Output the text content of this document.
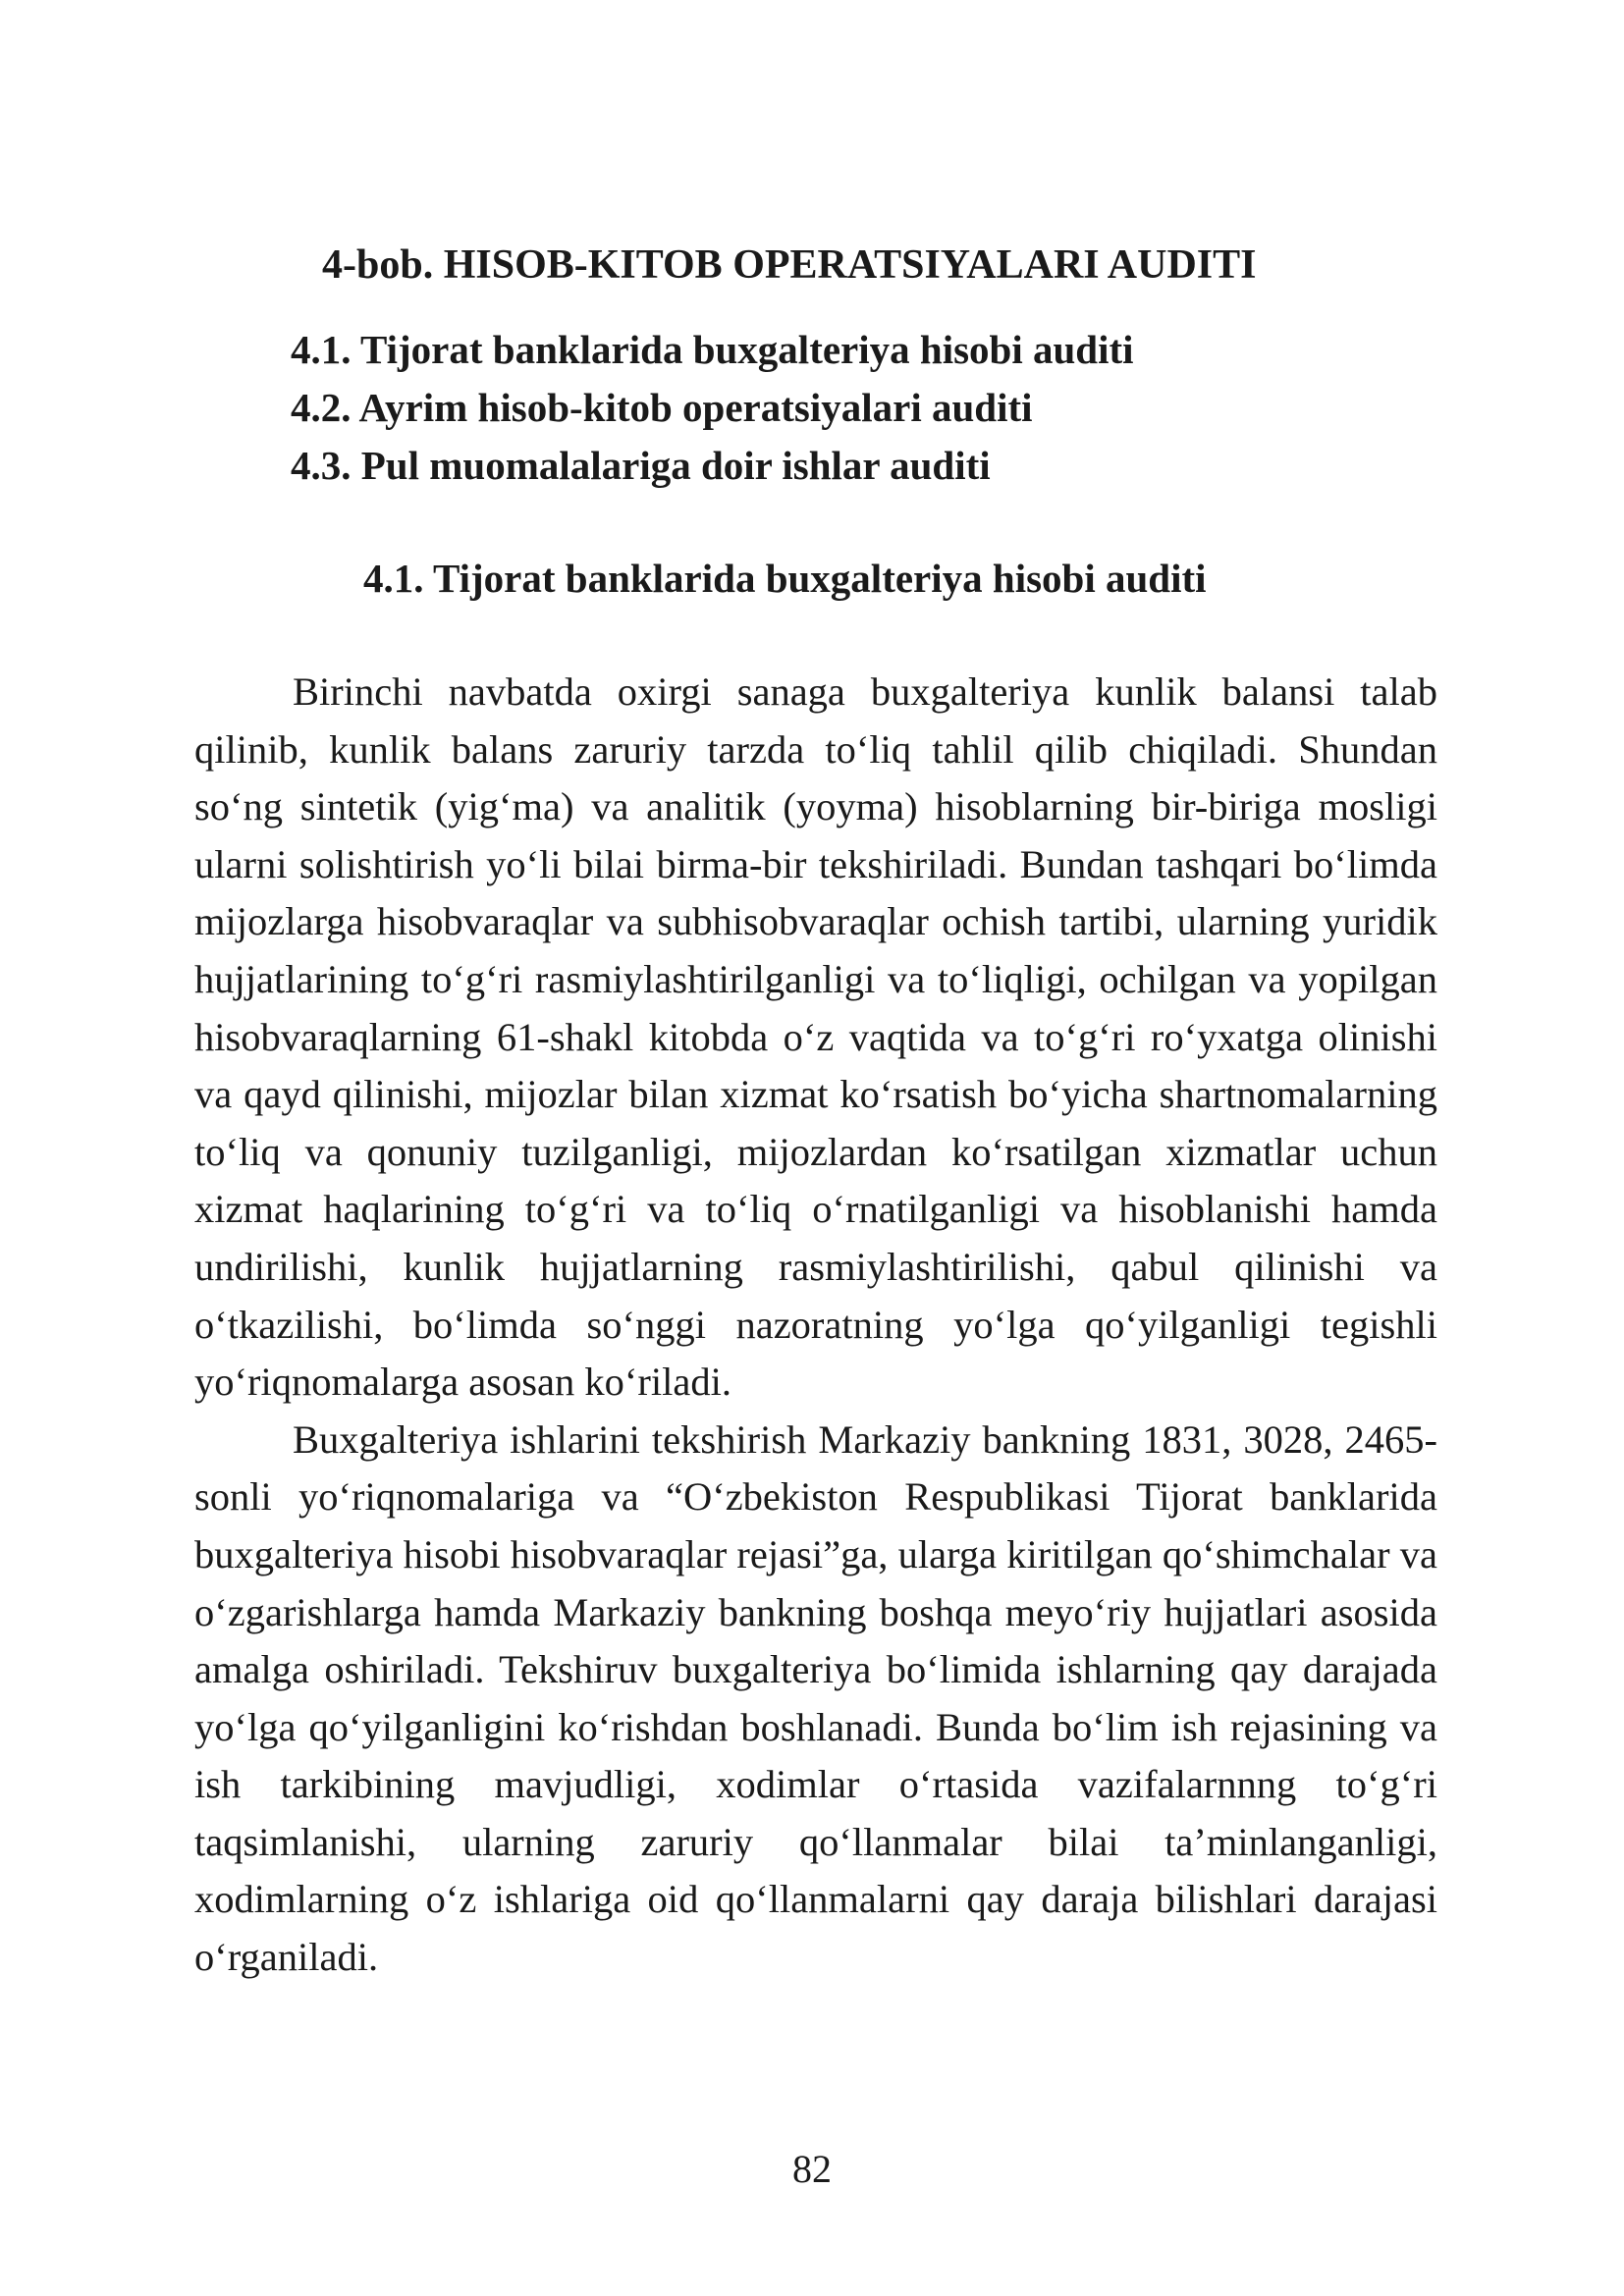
4-bob. HISOB-KITOB OPERATSIYALARI AUDITI
4.1. Tijorat banklarida buxgalteriya hisobi auditi
4.2. Ayrim hisob-kitob operatsiyalari auditi
4.3. Pul muomalalariga doir ishlar auditi
4.1. Tijorat banklarida buxgalteriya hisobi auditi

Birinchi navbatda oxirgi sanaga buxgalteriya kunlik balansi talab qilinib, kunlik balans zaruriy tarzda to‘liq tahlil qilib chiqiladi. Shundan so‘ng sintetik (yig‘ma) va analitik (yoyma) hisoblarning bir-biriga mosligi ularni solishtirish yo‘li bilai birma-bir tekshiriladi. Bundan tashqari bo‘limda mijozlarga hisobvaraqlar va subhisobvaraqlar ochish tartibi, ularning yuridik hujjatlarining to‘g‘ri rasmiylashtirilganligi va to‘liqligi, ochilgan va yopilgan hisobvaraqlarning 61-shakl kitobda o‘z vaqtida va to‘g‘ri ro‘yxatga olinishi va qayd qilinishi, mijozlar bilan xizmat ko‘rsatish bo‘yicha shartnomalarning to‘liq va qonuniy tuzilganligi, mijozlardan ko‘rsatilgan xizmatlar uchun xizmat haqlarining to‘g‘ri va to‘liq o‘rnatilganligi va hisoblanishi hamda undirilishi, kunlik hujjatlarning rasmiylashtirilishi, qabul qilinishi va o‘tkazilishi, bo‘limda so‘nggi nazoratning yo‘lga qo‘yilganligi tegishli yo‘riqnomalarga asosan ko‘riladi.

Buxgalteriya ishlarini tekshirish Markaziy bankning 1831, 3028, 2465-sonli yo‘riqnomalariga va “O‘zbekiston Respublikasi Tijorat banklarida buxgalteriya hisobi hisobvaraqlar rejasi”ga, ularga kiritilgan qo‘shimchalar va o‘zgarishlarga hamda Markaziy bankning boshqa meyo‘riy hujjatlari asosida amalga oshiriladi. Tekshiruv buxgalteriya bo‘limida ishlarning qay darajada yo‘lga qo‘yilganligini ko‘rishdan boshlanadi. Bunda bo‘lim ish rejasining va ish tarkibining mavjudligi, xodimlar o‘rtasida vazifalarnnng to‘g‘ri taqsimlanishi, ularning zaruriy qo‘llanmalar bilai ta’minlanganligi, xodimlarning o‘z ishlariga oid qo‘llanmalarni qay daraja bilishlari darajasi o‘rganiladi.

82
